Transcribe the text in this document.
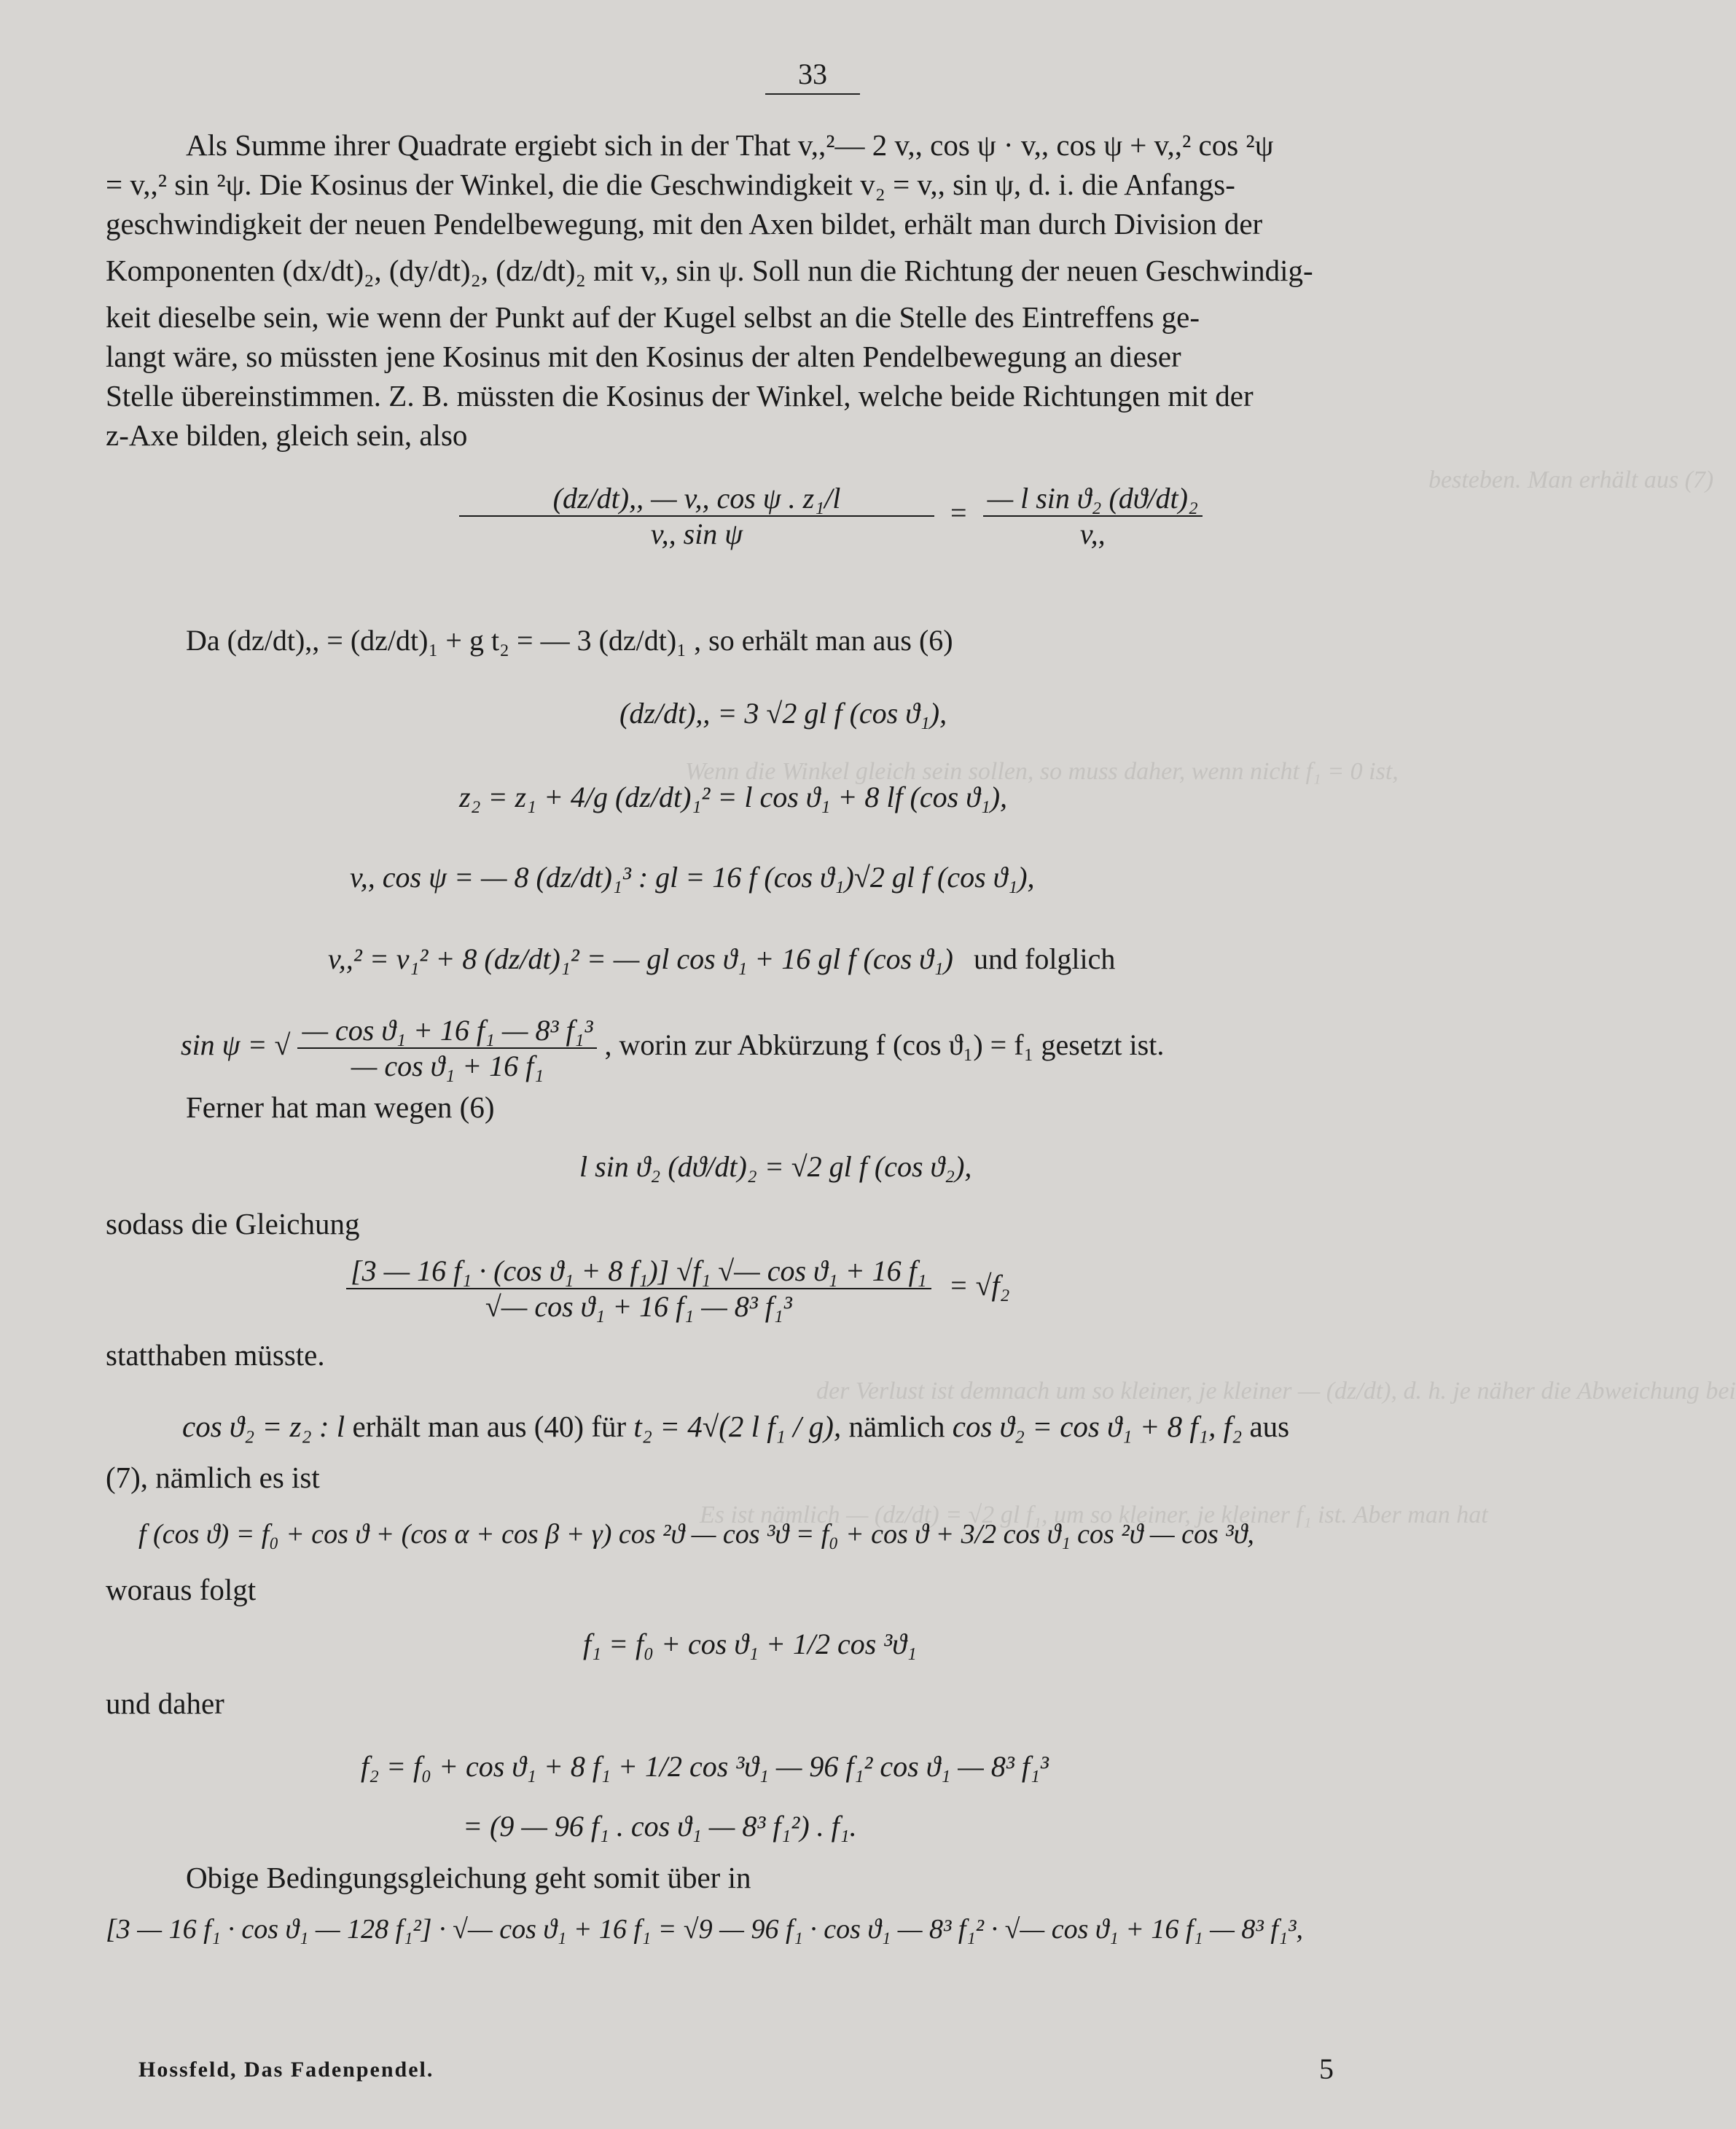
besteben. Man erhält aus (7)
Wenn die Winkel gleich sein sollen, so muss daher, wenn nicht f₁ = 0 ist,
der Verlust ist demnach um so kleiner, je kleiner — (dz/dt), d. h. je näher die Abweichung bei
Es ist nämlich — (dz/dt) = √2 gl f₁, um so kleiner, je kleiner f₁ ist. Aber man hat
33
Als Summe ihrer Quadrate ergiebt sich in der That v,,²— 2 v,, cos ψ · v,, cos ψ + v,,² cos ²ψ
= v,,² sin ²ψ. Die Kosinus der Winkel, die die Geschwindigkeit v₂ = v,, sin ψ, d. i. die Anfangs-
geschwindigkeit der neuen Pendelbewegung, mit den Axen bildet, erhält man durch Division der
Komponenten (dx/dt)₂, (dy/dt)₂, (dz/dt)₂ mit v,, sin ψ. Soll nun die Richtung der neuen Geschwindig-
keit dieselbe sein, wie wenn der Punkt auf der Kugel selbst an die Stelle des Eintreffens ge-
langt wäre, so müssten jene Kosinus mit den Kosinus der alten Pendelbewegung an dieser
Stelle übereinstimmen. Z. B. müssten die Kosinus der Winkel, welche beide Richtungen mit der
z-Axe bilden, gleich sein, also
$\frac{\text{(dz/dt),, — v,, cos ψ . z₁/l}}{\text{v,, sin ψ}} = \frac{\text{— l sin ϑ₂ (dϑ/dt)₂}}{v,,}$
Da (dz/dt),, = (dz/dt)₁ + g t₂ = — 3 (dz/dt)₁ , so erhält man aus (6)
(dz/dt),, = 3 √2 gl f (cos ϑ₁),
z₂ = z₁ + 4/g (dz/dt)₁² = l cos ϑ₁ + 8 lf (cos ϑ₁),
v,, cos ψ = — 8 (dz/dt)₁³ : gl = 16 f (cos ϑ₁)√2 gl f (cos ϑ₁),
v,,² = v₁² + 8 (dz/dt)₁² = — gl cos ϑ₁ + 16 gl f (cos ϑ₁) und folglich
sin ψ = √ $\frac{\text{— cos ϑ₁ + 16 f₁ — 8³ f₁³}}{\text{— cos ϑ₁ + 16 f₁}}$ , worin zur Abkürzung f (cos ϑ₁) = f₁ gesetzt ist.
Ferner hat man wegen (6)
l sin ϑ₂ (dϑ/dt)₂ = √2 gl f (cos ϑ₂),
sodass die Gleichung
$\frac{\text{[3 — 16 f₁ · (cos ϑ₁ + 8 f₁)] √f₁ √— cos ϑ₁ + 16 f₁}}{\text{√— cos ϑ₁ + 16 f₁ — 8³ f₁³}} = √f_2$
statthaben müsste.
cos ϑ₂ = z₂ : l erhält man aus (40) für t₂ = 4√(2 l f₁ / g), nämlich cos ϑ₂ = cos ϑ₁ + 8 f₁, f₂ aus
(7), nämlich es ist
f (cos ϑ) = f₀ + cos ϑ + (cos α + cos β + γ) cos ²ϑ — cos ³ϑ = f₀ + cos ϑ + 3/2 cos ϑ₁ cos ²ϑ — cos ³ϑ,
woraus folgt
f₁ = f₀ + cos ϑ₁ + 1/2 cos ³ϑ₁
und daher
f₂ = f₀ + cos ϑ₁ + 8 f₁ + 1/2 cos ³ϑ₁ — 96 f₁² cos ϑ₁ — 8³ f₁³
= (9 — 96 f₁ . cos ϑ₁ — 8³ f₁²) . f₁.
Obige Bedingungsgleichung geht somit über in
[3 — 16 f₁ · cos ϑ₁ — 128 f₁²] · √— cos ϑ₁ + 16 f₁ = √9 — 96 f₁ · cos ϑ₁ — 8³ f₁² · √— cos ϑ₁ + 16 f₁ — 8³ f₁³,
Hossfeld, Das Fadenpendel.	5
